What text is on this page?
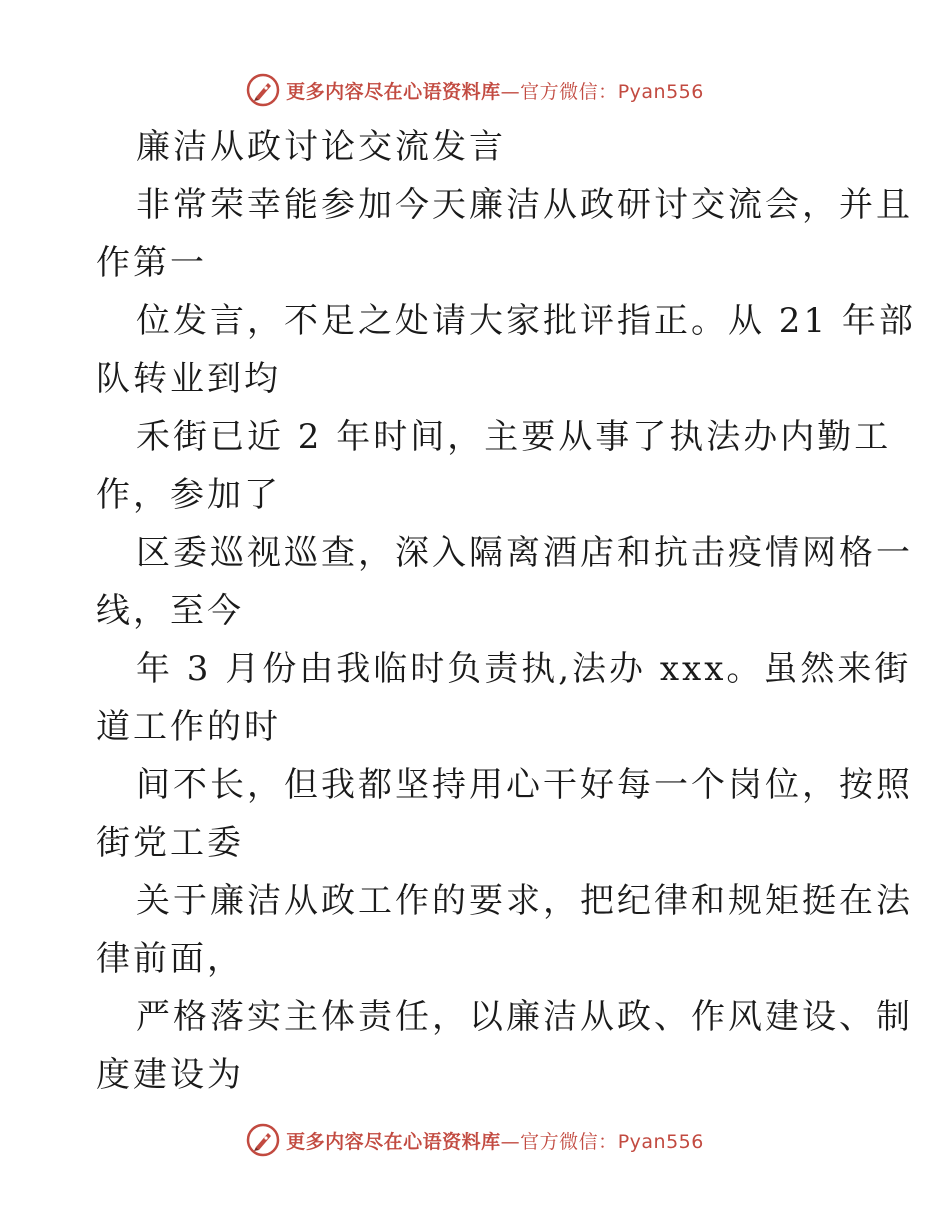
更多内容尽在心语资料库—官方微信：Pyan556
廉洁从政讨论交流发言
非常荣幸能参加今天廉洁从政研讨交流会，并且
作第一
位发言，不足之处请大家批评指正。从 21 年部
队转业到均
禾街已近 2 年时间，主要从事了执法办内勤工
作，参加了
区委巡视巡查，深入隔离酒店和抗击疫情网格一
线，至今
年 3 月份由我临时负责执,法办 xxx。虽然来街
道工作的时
间不长，但我都坚持用心干好每一个岗位，按照
街党工委
关于廉洁从政工作的要求，把纪律和规矩挺在法
律前面，
严格落实主体责任，以廉洁从政、作风建设、制
度建设为
更多内容尽在心语资料库—官方微信：Pyan556
